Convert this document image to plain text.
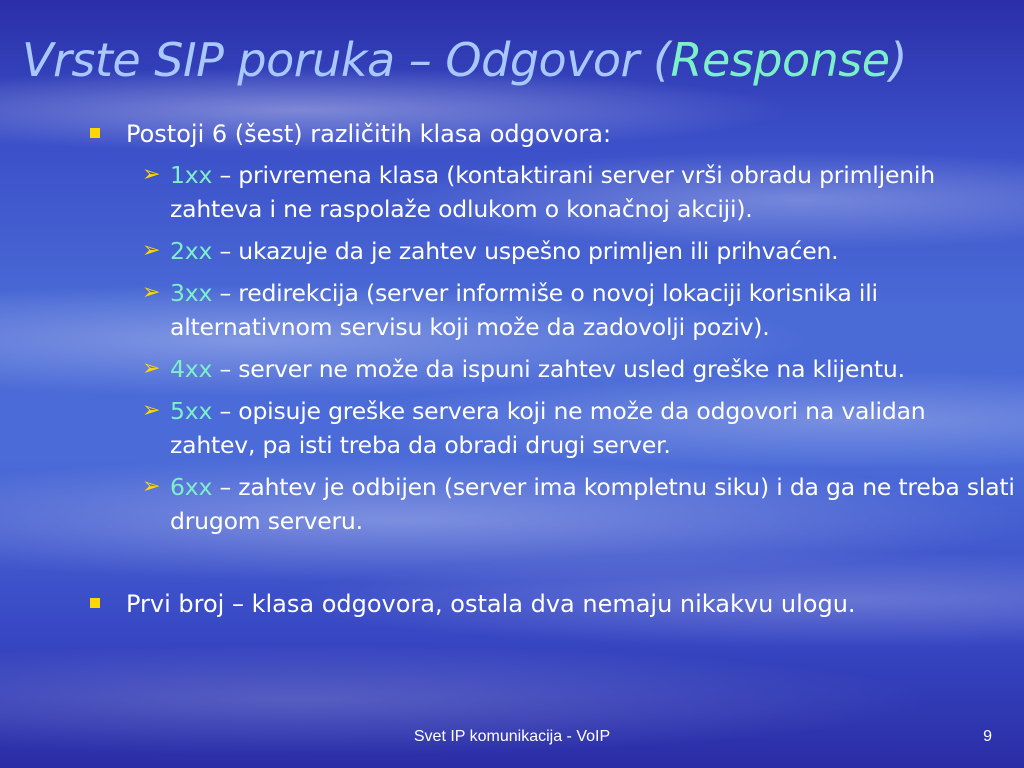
Vrste SIP poruka – Odgovor (Response)
Postoji 6 (šest) različitih klasa odgovora:
➢ 1xx – privremena klasa (kontaktirani server vrši obradu primljenih zahteva i ne raspolaže odlukom o konačnoj akciji).
➢ 2xx – ukazuje da je zahtev uspešno primljen ili prihvaćen.
➢ 3xx – redirekcija (server informiše o novoj lokaciji korisnika ili alternativnom servisu koji može da zadovolji poziv).
➢ 4xx – server ne može da ispuni zahtev usled greške na klijentu.
➢ 5xx – opisuje greške servera koji ne može da odgovori na validan zahtev, pa isti treba da obradi drugi server.
➢ 6xx – zahtev je odbijen (server ima kompletnu siku) i da ga ne treba slati drugom serveru.
Prvi broj – klasa odgovora, ostala dva nemaju nikakvu ulogu.
Svet IP komunikacija - VoIP	9
